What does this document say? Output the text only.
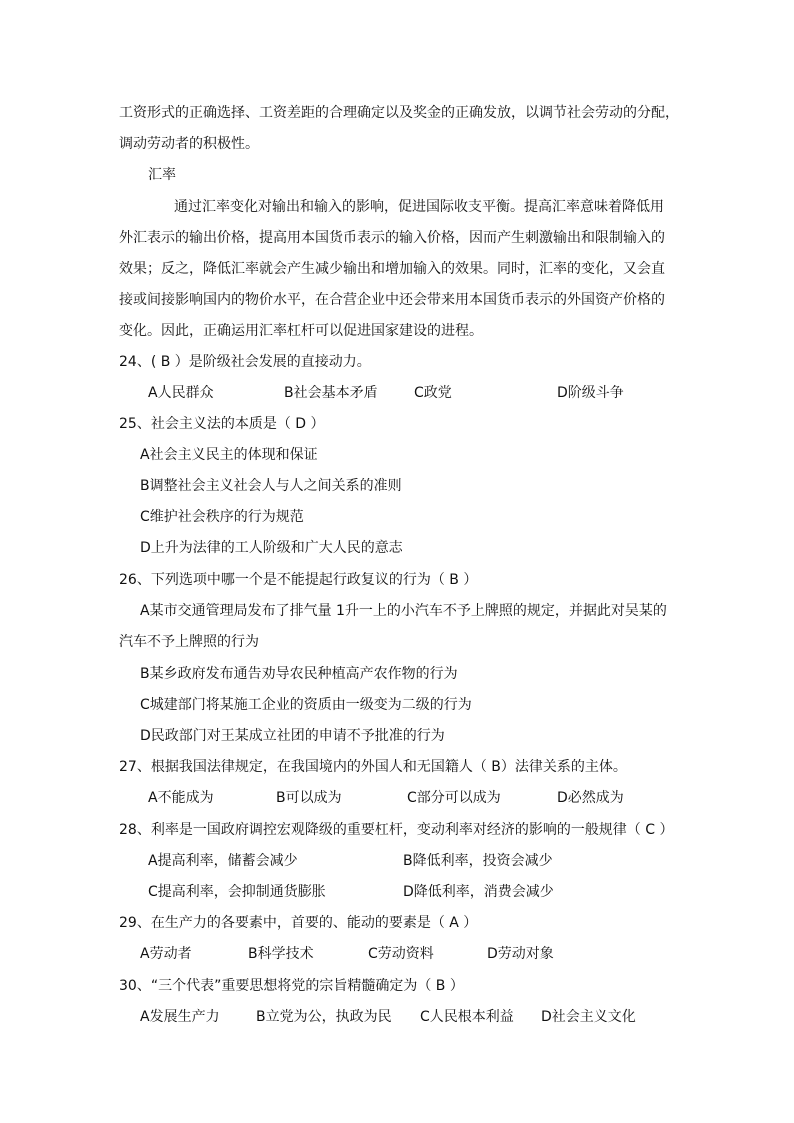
工资形式的正确选择、工资差距的合理确定以及奖金的正确发放，以调节社会劳动的分配，
调动劳动者的积极性。
汇率
通过汇率变化对输出和输入的影响，促进国际收支平衡。提高汇率意味着降低用
外汇表示的输出价格，提高用本国货币表示的输入价格，因而产生刺激输出和限制输入的
效果；反之，降低汇率就会产生减少输出和增加输入的效果。同时，汇率的变化，又会直
接或间接影响国内的物价水平，在合营企业中还会带来用本国货币表示的外国资产价格的
变化。因此，正确运用汇率杠杆可以促进国家建设的进程。
24、( B ）是阶级社会发展的直接动力。
A人民群众	B社会基本矛盾	C政党	D阶级斗争
25、社会主义法的本质是（ D ）
A社会主义民主的体现和保证
B调整社会主义社会人与人之间关系的准则
C维护社会秩序的行为规范
D上升为法律的工人阶级和广大人民的意志
26、下列选项中哪一个是不能提起行政复议的行为（ B ）
A某市交通管理局发布了排气量 1升一上的小汽车不予上牌照的规定，并据此对吴某的
汽车不予上牌照的行为
B某乡政府发布通告劝导农民种植高产农作物的行为
C城建部门将某施工企业的资质由一级变为二级的行为
D民政部门对王某成立社团的申请不予批准的行为
27、根据我国法律规定，在我国境内的外国人和无国籍人（ B）法律关系的主体。
A不能成为	B可以成为	C部分可以成为	D必然成为
28、利率是一国政府调控宏观降级的重要杠杆，变动利率对经济的影响的一般规律（ C ）
A提高利率，储蓄会减少	B降低利率，投资会减少
C提高利率，会抑制通货膨胀	D降低利率，消费会减少
29、在生产力的各要素中，首要的、能动的要素是（ A ）
A劳动者	B科学技术	C劳动资料	D劳动对象
30、“三个代表”重要思想将党的宗旨精髓确定为（ B ）
A发展生产力	B立党为公，执政为民 C人民根本利益 D社会主义文化
